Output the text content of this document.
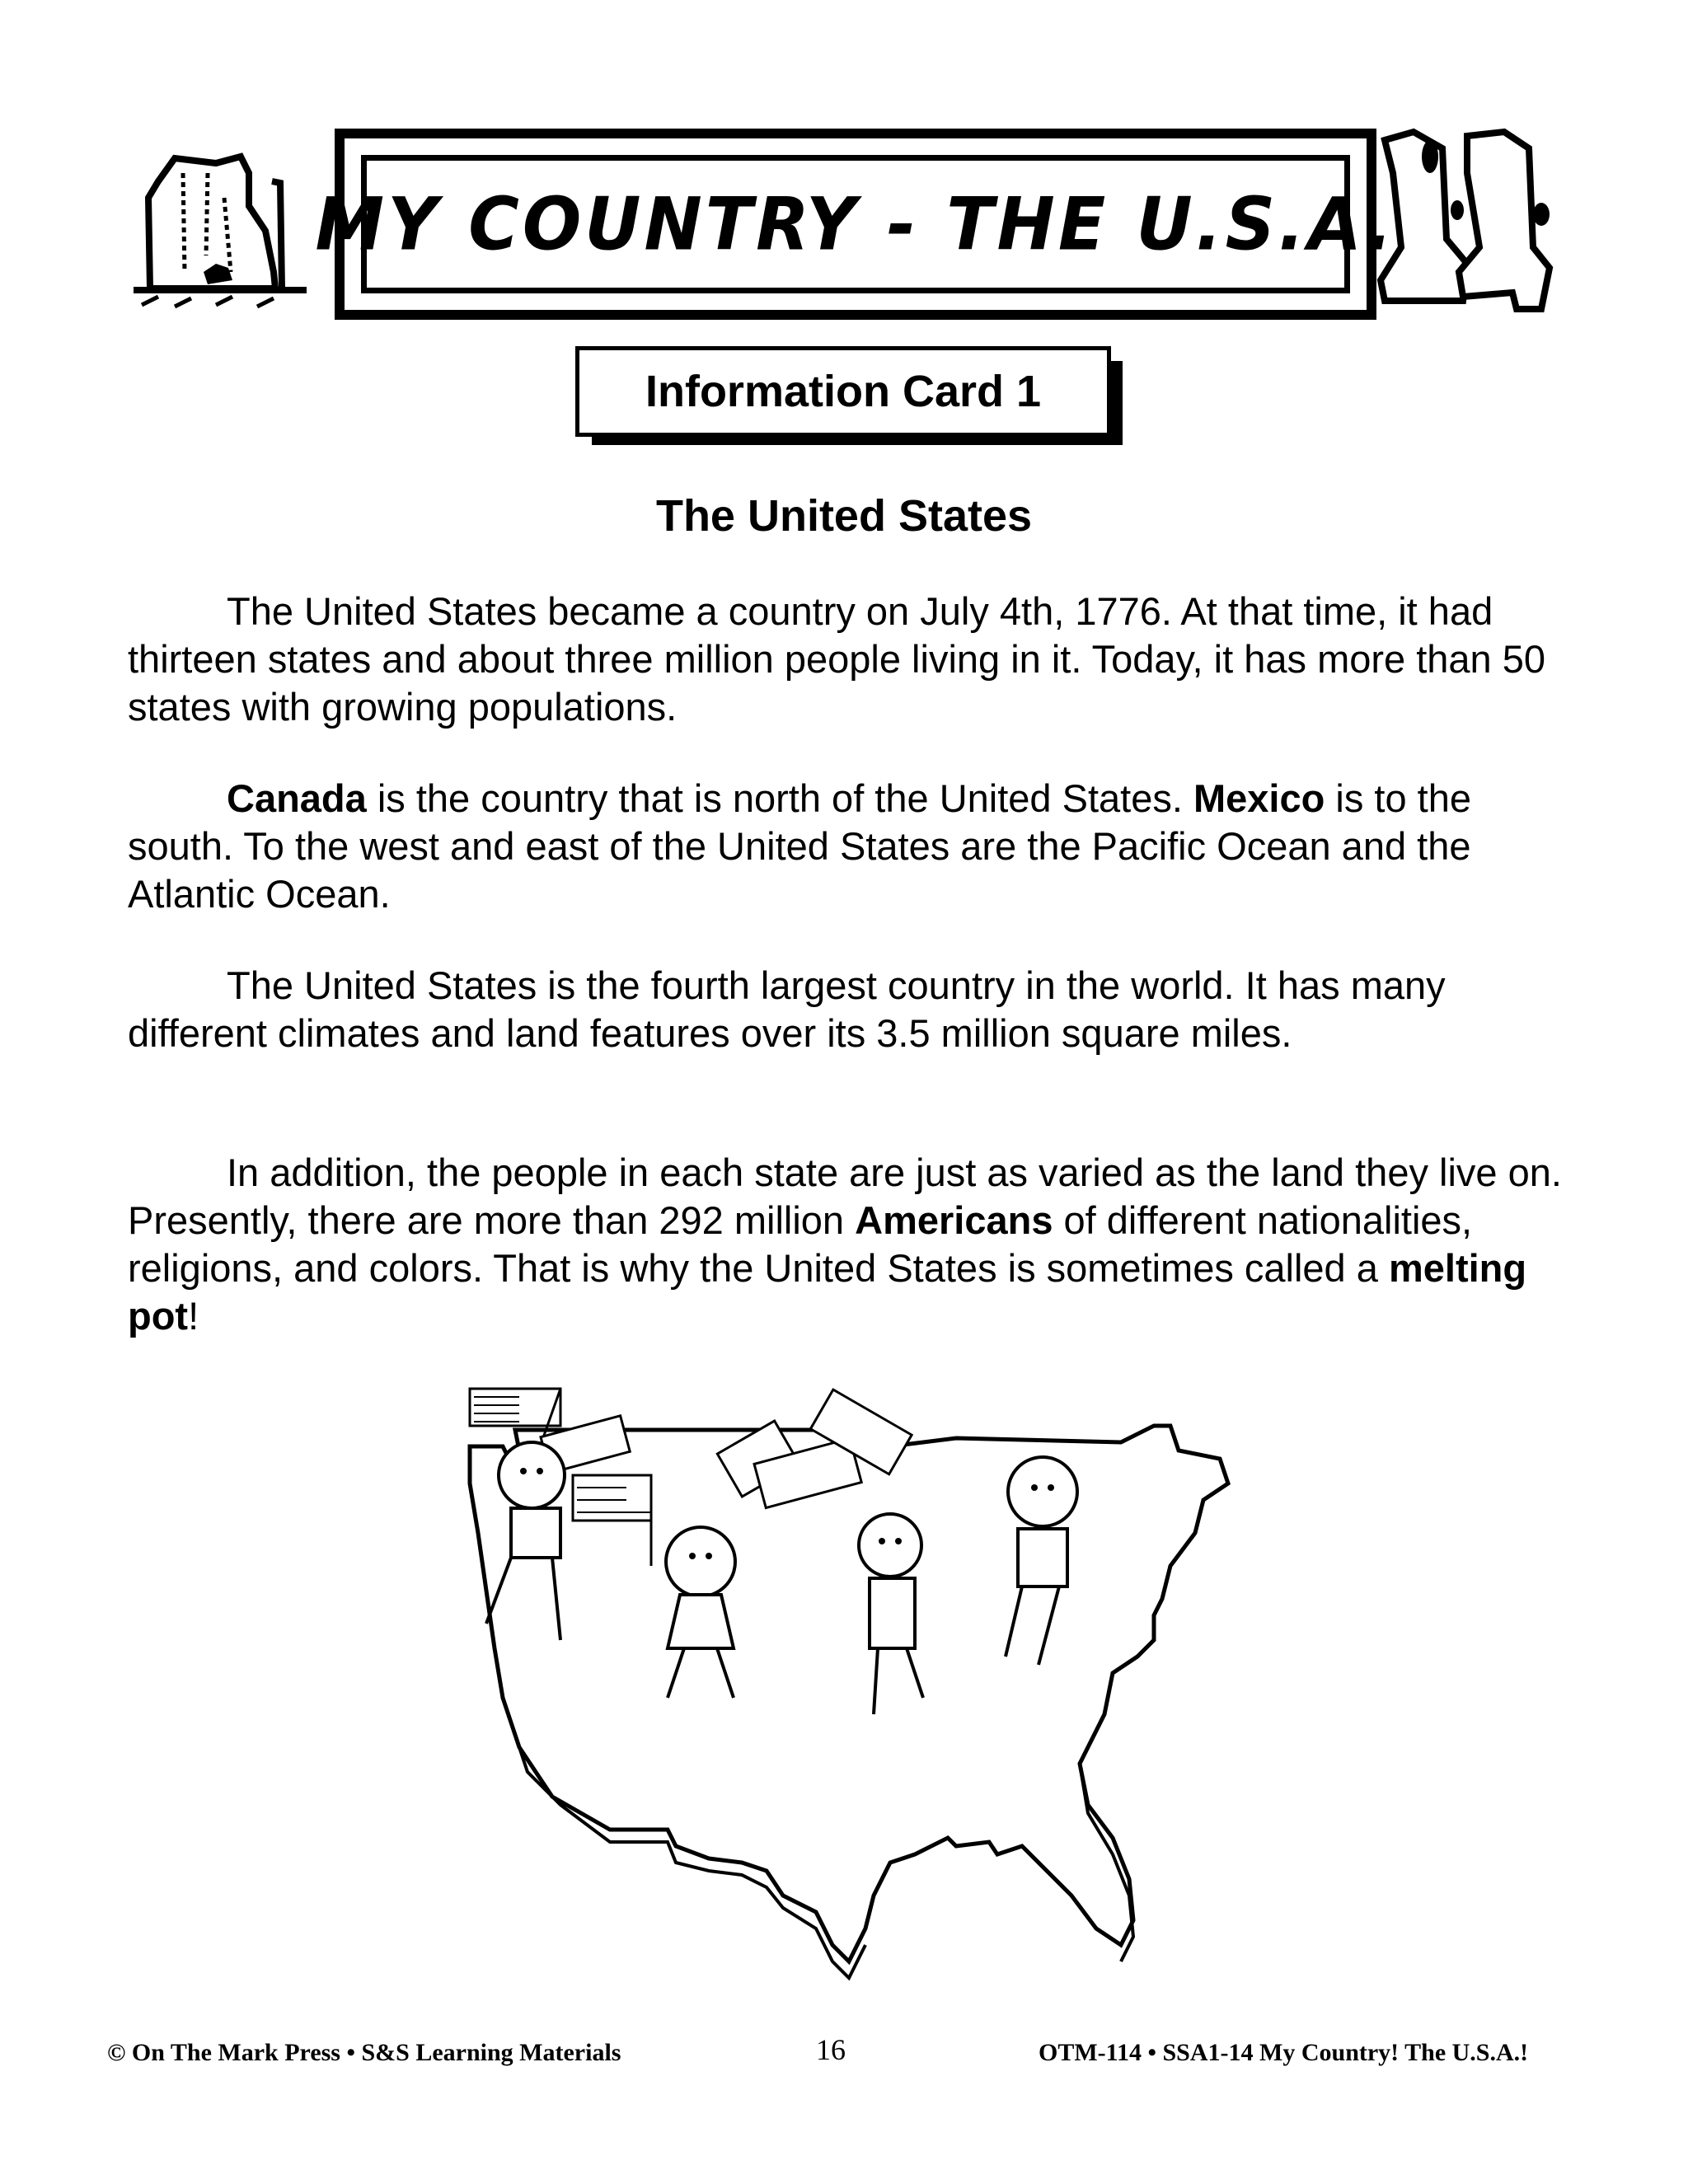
MY COUNTRY - THE U.S.A.
Information Card 1
The United States

The United States became a country on July 4th, 1776. At that time, it had thirteen states and about three million people living in it. Today, it has more than 50 states with growing populations.

Canada is the country that is north of the United States. Mexico is to the south. To the west and east of the United States are the Pacific Ocean and the Atlantic Ocean.

The United States is the fourth largest country in the world. It has many different climates and land features over its 3.5 million square miles.

In addition, the people in each state are just as varied as the land they live on. Presently, there are more than 292 million Americans of different nationalities, religions, and colors. That is why the United States is sometimes called a melting pot!

© On The Mark Press • S&S Learning Materials	16	OTM-114 • SSA1-14 My Country! The U.S.A.!
